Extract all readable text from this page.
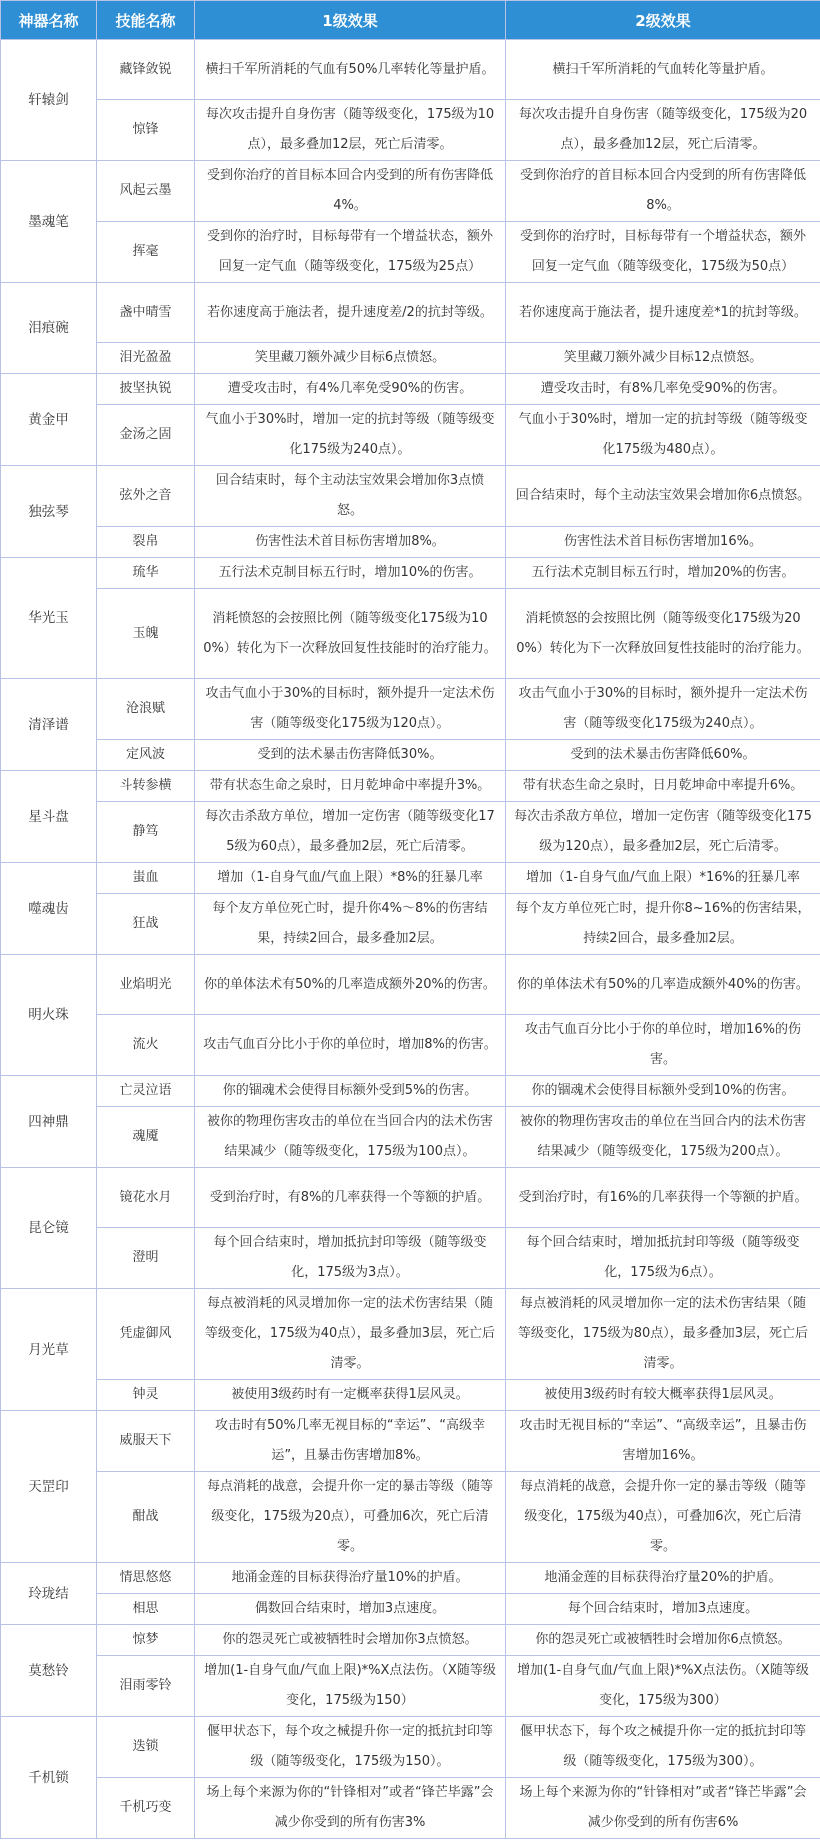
神器名称	技能名称	1级效果	2级效果
轩辕剑	藏锋敛锐	横扫千军所消耗的气血有50%几率转化等量护盾。	横扫千军所消耗的气血转化等量护盾。
	惊锋	每次攻击提升自身伤害（随等级变化，175级为10点），最多叠加12层，死亡后清零。	每次攻击提升自身伤害（随等级变化，175级为20点），最多叠加12层，死亡后清零。
墨魂笔	风起云墨	受到你治疗的首目标本回合内受到的所有伤害降低4%。	受到你治疗的首目标本回合内受到的所有伤害降低8%。
	挥毫	受到你的治疗时，目标每带有一个增益状态，额外回复一定气血（随等级变化，175级为25点）	受到你的治疗时，目标每带有一个增益状态，额外回复一定气血（随等级变化，175级为50点）
泪痕碗	盏中晴雪	若你速度高于施法者，提升速度差/2的抗封等级。	若你速度高于施法者，提升速度差*1的抗封等级。
	泪光盈盈	笑里藏刀额外减少目标6点愤怒。	笑里藏刀额外减少目标12点愤怒。
黄金甲	披坚执锐	遭受攻击时，有4%几率免受90%的伤害。	遭受攻击时，有8%几率免受90%的伤害。
	金汤之固	气血小于30%时，增加一定的抗封等级（随等级变化175级为240点）。	气血小于30%时，增加一定的抗封等级（随等级变化175级为480点）。
独弦琴	弦外之音	回合结束时，每个主动法宝效果会增加你3点愤怒。	回合结束时，每个主动法宝效果会增加你6点愤怒。
	裂帛	伤害性法术首目标伤害增加8%。	伤害性法术首目标伤害增加16%。
华光玉	琉华	五行法术克制目标五行时，增加10%的伤害。	五行法术克制目标五行时，增加20%的伤害。
	玉魄	消耗愤怒的会按照比例（随等级变化175级为100%）转化为下一次释放回复性技能时的治疗能力。	消耗愤怒的会按照比例（随等级变化175级为200%）转化为下一次释放回复性技能时的治疗能力。
清泽谱	沧浪赋	攻击气血小于30%的目标时，额外提升一定法术伤害（随等级变化175级为120点）。	攻击气血小于30%的目标时，额外提升一定法术伤害（随等级变化175级为240点）。
	定风波	受到的法术暴击伤害降低30%。	受到的法术暴击伤害降低60%。
星斗盘	斗转参横	带有状态生命之泉时，日月乾坤命中率提升3%。	带有状态生命之泉时，日月乾坤命中率提升6%。
	静笃	每次击杀敌方单位，增加一定伤害（随等级变化175级为60点），最多叠加2层，死亡后清零。	每次击杀敌方单位，增加一定伤害（随等级变化175级为120点），最多叠加2层，死亡后清零。
噬魂齿	蚩血	增加（1-自身气血/气血上限）*8%的狂暴几率	增加（1-自身气血/气血上限）*16%的狂暴几率
	狂战	每个友方单位死亡时，提升你4%～8%的伤害结果，持续2回合，最多叠加2层。	每个友方单位死亡时，提升你8~16%的伤害结果，持续2回合，最多叠加2层。
明火珠	业焰明光	你的单体法术有50%的几率造成额外20%的伤害。	你的单体法术有50%的几率造成额外40%的伤害。
	流火	攻击气血百分比小于你的单位时，增加8%的伤害。	攻击气血百分比小于你的单位时，增加16%的伤害。
四神鼎	亡灵泣语	你的锢魂术会使得目标额外受到5%的伤害。	你的锢魂术会使得目标额外受到10%的伤害。
	魂魇	被你的物理伤害攻击的单位在当回合内的法术伤害结果减少（随等级变化，175级为100点）。	被你的物理伤害攻击的单位在当回合内的法术伤害结果减少（随等级变化，175级为200点）。
昆仑镜	镜花水月	受到治疗时，有8%的几率获得一个等额的护盾。	受到治疗时，有16%的几率获得一个等额的护盾。
	澄明	每个回合结束时，增加抵抗封印等级（随等级变化，175级为3点）。	每个回合结束时，增加抵抗封印等级（随等级变化，175级为6点）。
月光草	凭虚御风	每点被消耗的风灵增加你一定的法术伤害结果（随等级变化，175级为40点），最多叠加3层，死亡后清零。	每点被消耗的风灵增加你一定的法术伤害结果（随等级变化，175级为80点），最多叠加3层，死亡后清零。
	钟灵	被使用3级药时有一定概率获得1层风灵。	被使用3级药时有较大概率获得1层风灵。
天罡印	威服天下	攻击时有50%几率无视目标的“幸运”、“高级幸运”，且暴击伤害增加8%。	攻击时无视目标的“幸运”、“高级幸运”，且暴击伤害增加16%。
	酣战	每点消耗的战意，会提升你一定的暴击等级（随等级变化，175级为20点），可叠加6次，死亡后清零。	每点消耗的战意，会提升你一定的暴击等级（随等级变化，175级为40点），可叠加6次，死亡后清零。
玲珑结	情思悠悠	地涌金莲的目标获得治疗量10%的护盾。	地涌金莲的目标获得治疗量20%的护盾。
	相思	偶数回合结束时，增加3点速度。	每个回合结束时，增加3点速度。
莫愁铃	惊梦	你的怨灵死亡或被牺牲时会增加你3点愤怒。	你的怨灵死亡或被牺牲时会增加你6点愤怒。
	泪雨零铃	增加(1-自身气血/气血上限)*%X点法伤。（X随等级变化，175级为150）	增加(1-自身气血/气血上限)*%X点法伤。（X随等级变化，175级为300）
千机锁	迭锁	偃甲状态下，每个攻之械提升你一定的抵抗封印等级（随等级变化，175级为150）。	偃甲状态下，每个攻之械提升你一定的抵抗封印等级（随等级变化，175级为300）。
	千机巧变	场上每个来源为你的“针锋相对”或者“锋芒毕露”会减少你受到的所有伤害3%	场上每个来源为你的“针锋相对”或者“锋芒毕露”会减少你受到的所有伤害6%
